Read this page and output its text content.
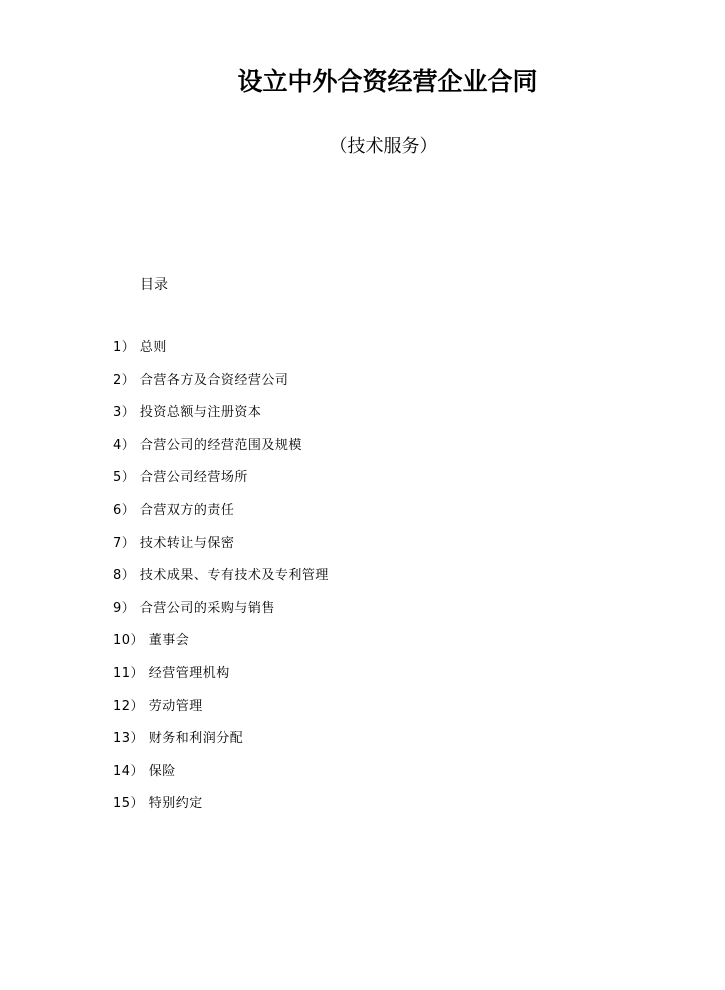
设立中外合资经营企业合同
（技术服务）
目录
1） 总则
2） 合营各方及合资经营公司
3） 投资总额与注册资本
4） 合营公司的经营范围及规模
5） 合营公司经营场所
6） 合营双方的责任
7） 技术转让与保密
8） 技术成果、专有技术及专利管理
9） 合营公司的采购与销售
10） 董事会
11） 经营管理机构
12） 劳动管理
13） 财务和利润分配
14） 保险
15） 特别约定
